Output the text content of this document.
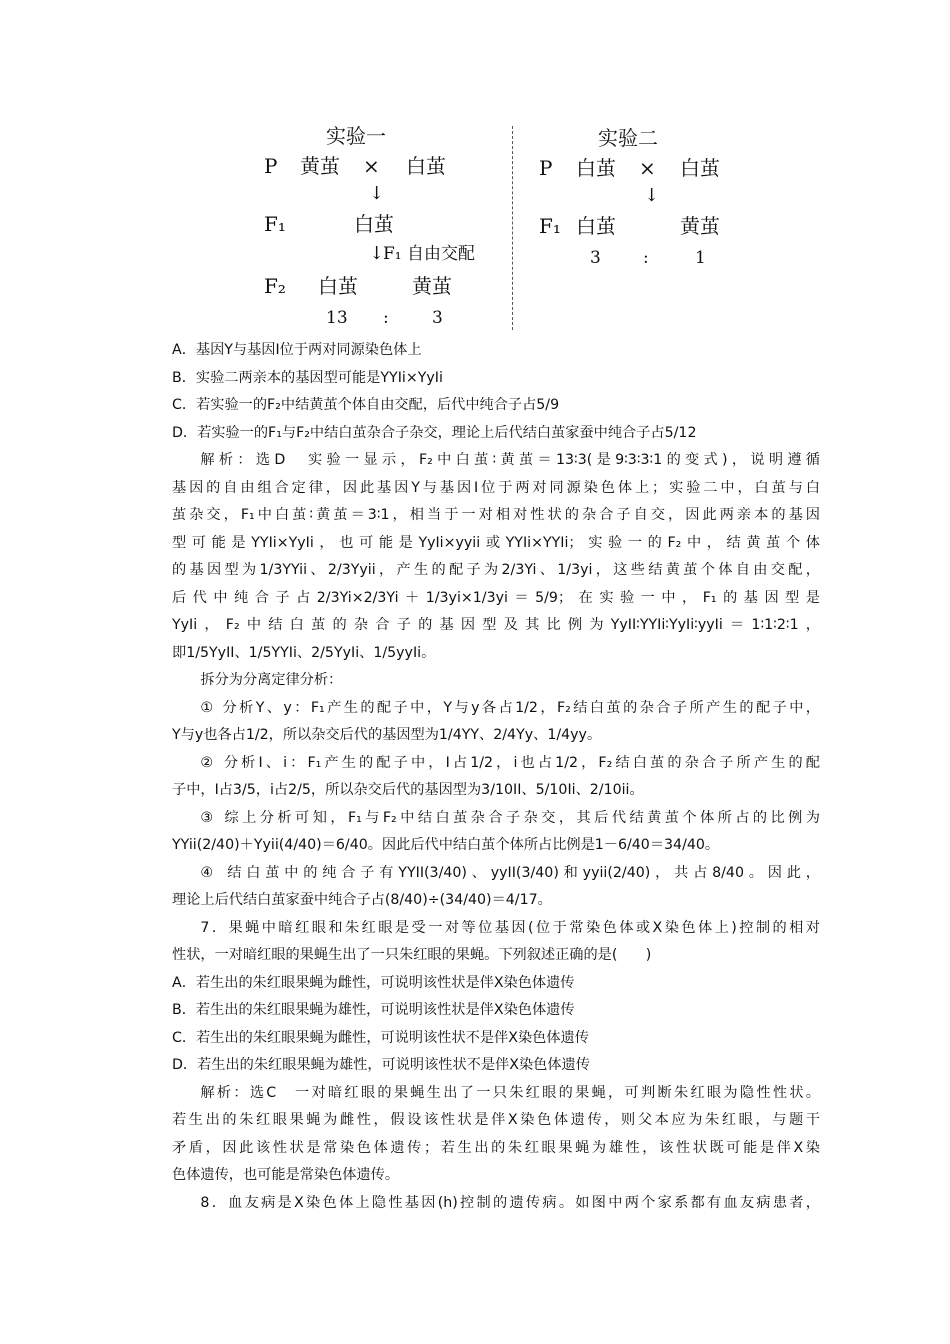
实验一
P 黄茧 × 白茧
↓
F₁	白茧
↓
F₁ 自由交配
F₂ 白茧	黄茧
13 :	3
实验二
P 白茧 × 白茧
↓
F₁ 白茧	黄茧
3 :	1

A．基因Y与基因I位于两对同源染色体上

B．实验二两亲本的基因型可能是YYIi×YyIi

C．若实验一的F₂中结黄茧个体自由交配，后代中纯合子占5/9

D．若实验一的F₁与F₂中结白茧杂合子杂交，理论上后代结白茧家蚕中纯合子占5/12

解析：选D　实验一显示，F₂中白茧∶黄茧＝13∶3(是9∶3∶3∶1的变式)，说明遵循

基因的自由组合定律，因此基因Y与基因I位于两对同源染色体上；实验二中，白茧与白

茧杂交，F₁中白茧∶黄茧＝3∶1，相当于一对相对性状的杂合子自交，因此两亲本的基因

型可能是YYIi×YyIi，也可能是YyIi×yyii或YYIi×YYIi；实验一的F₂中，结黄茧个体

的基因型为1/3YYii、2/3Yyii，产生的配子为2/3Yi、1/3yi，这些结黄茧个体自由交配，

后代中纯合子占2/3Yi×2/3Yi＋1/3yi×1/3yi＝5/9；在实验一中，F₁的基因型是

YyIi，F₂中结白茧的杂合子的基因型及其比例为YyII∶YYIi∶YyIi∶yyIi＝1∶1∶2∶1，

即1/5YyII、1/5YYIi、2/5YyIi、1/5yyIi。

拆分为分离定律分析：

① 分析Y、y：F₁产生的配子中，Y与y各占1/2，F₂结白茧的杂合子所产生的配子中，

Y与y也各占1/2，所以杂交后代的基因型为1/4YY、2/4Yy、1/4yy。

② 分析I、i：F₁产生的配子中，I占1/2，i也占1/2，F₂结白茧的杂合子所产生的配

子中，I占3/5，i占2/5，所以杂交后代的基因型为3/10II、5/10Ii、2/10ii。

③ 综上分析可知，F₁与F₂中结白茧杂合子杂交，其后代结黄茧个体所占的比例为

YYii(2/40)＋Yyii(4/40)＝6/40。因此后代中结白茧个体所占比例是1－6/40＝34/40。

④ 结白茧中的纯合子有YYII(3/40)、yyII(3/40)和yyii(2/40)，共占8/40。因此，

理论上后代结白茧家蚕中纯合子占(8/40)÷(34/40)＝4/17。

7．果蝇中暗红眼和朱红眼是受一对等位基因(位于常染色体或X染色体上)控制的相对

性状，一对暗红眼的果蝇生出了一只朱红眼的果蝇。下列叙述正确的是(　　)

A．若生出的朱红眼果蝇为雌性，可说明该性状是伴X染色体遗传

B．若生出的朱红眼果蝇为雄性，可说明该性状是伴X染色体遗传

C．若生出的朱红眼果蝇为雌性，可说明该性状不是伴X染色体遗传

D．若生出的朱红眼果蝇为雄性，可说明该性状不是伴X染色体遗传

解析：选C　一对暗红眼的果蝇生出了一只朱红眼的果蝇，可判断朱红眼为隐性性状。

若生出的朱红眼果蝇为雌性，假设该性状是伴X染色体遗传，则父本应为朱红眼，与题干

矛盾，因此该性状是常染色体遗传；若生出的朱红眼果蝇为雄性，该性状既可能是伴X染

色体遗传，也可能是常染色体遗传。

8．血友病是X染色体上隐性基因(h)控制的遗传病。如图中两个家系都有血友病患者，
